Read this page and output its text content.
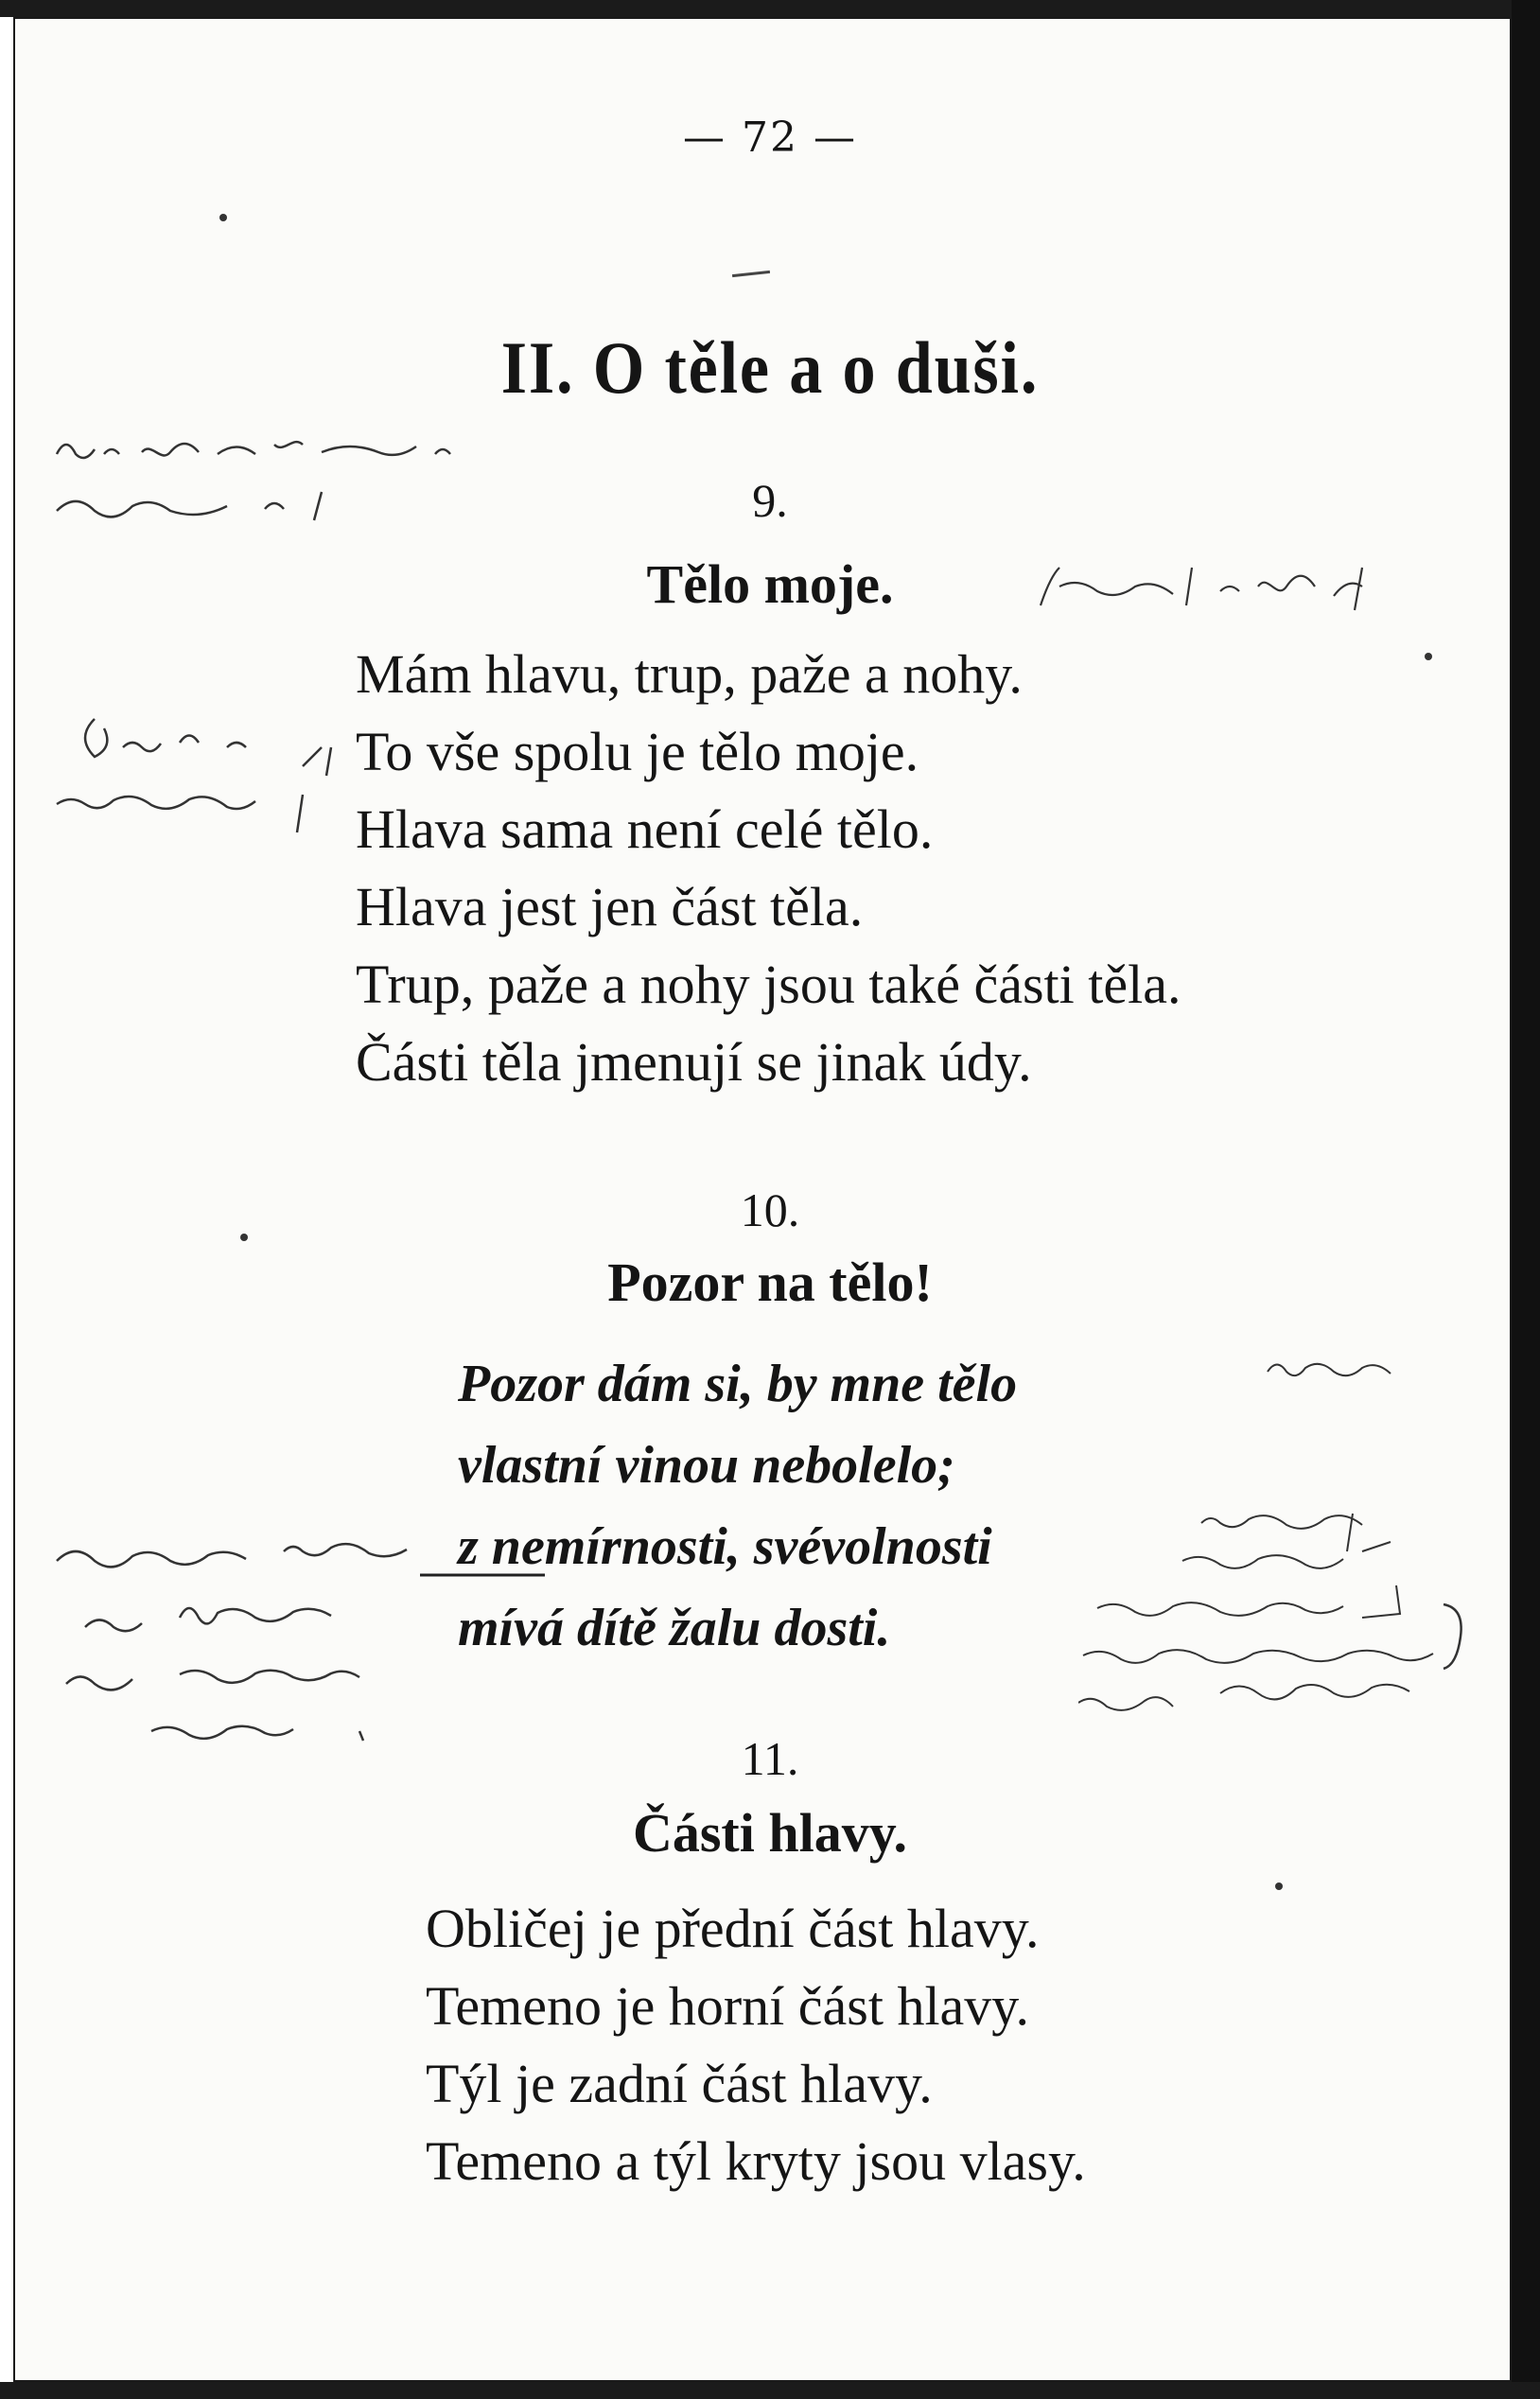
— 72 —
II. O těle a o duši.
9.
Tělo moje.
Mám hlavu, trup, paže a nohy.
To vše spolu je tělo moje.
Hlava sama není celé tělo.
Hlava jest jen část těla.
Trup, paže a nohy jsou také části těla.
Části těla jmenují se jinak údy.
10.
Pozor na tělo!
Pozor dám si, by mne tělo
vlastní vinou nebolelo;
z nemírnosti, svévolnosti
mívá dítě žalu dosti.
11.
Části hlavy.
Obličej je přední část hlavy.
Temeno je horní část hlavy.
Týl je zadní část hlavy.
Temeno a týl kryty jsou vlasy.
